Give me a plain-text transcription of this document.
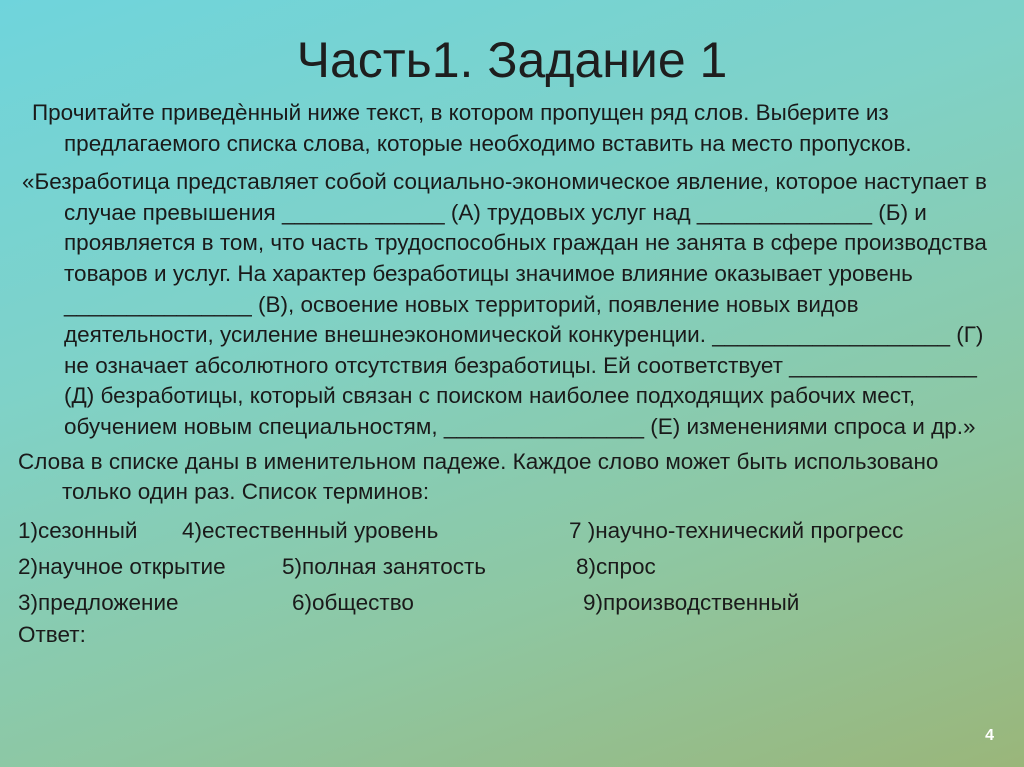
Часть1. Задание 1

Прочитайте приведѐнный ниже текст, в котором пропущен ряд слов. Выберите из предлагаемого списка слова, которые необходимо вставить на место пропусков.

«Безработица представляет собой социально-экономическое явление, которое наступает в случае превышения _____________ (А) трудовых услуг над ______________ (Б) и проявляется в том, что часть трудоспособных граждан не занята в сфере производства товаров и услуг. На характер безработицы значимое влияние оказывает уровень _______________ (В), освоение новых территорий, появление новых видов деятельности, усиление внешнеэкономической конкуренции. ___________________ (Г) не означает абсолютного отсутствия безработицы. Ей соответствует _______________ (Д) безработицы, который связан с поиском наиболее подходящих рабочих мест, обучением новым специальностям, ________________ (Е) изменениями спроса и др.»

Слова в списке даны в именительном падеже. Каждое слово может быть использовано только один раз. Список терминов:

1)сезонный 4)естественный уровень	7 )научно-технический прогресс
2)научное открытие	5)полная занятость	8)спрос
3)предложение	6)общество	9)производственный
Ответ:
4
